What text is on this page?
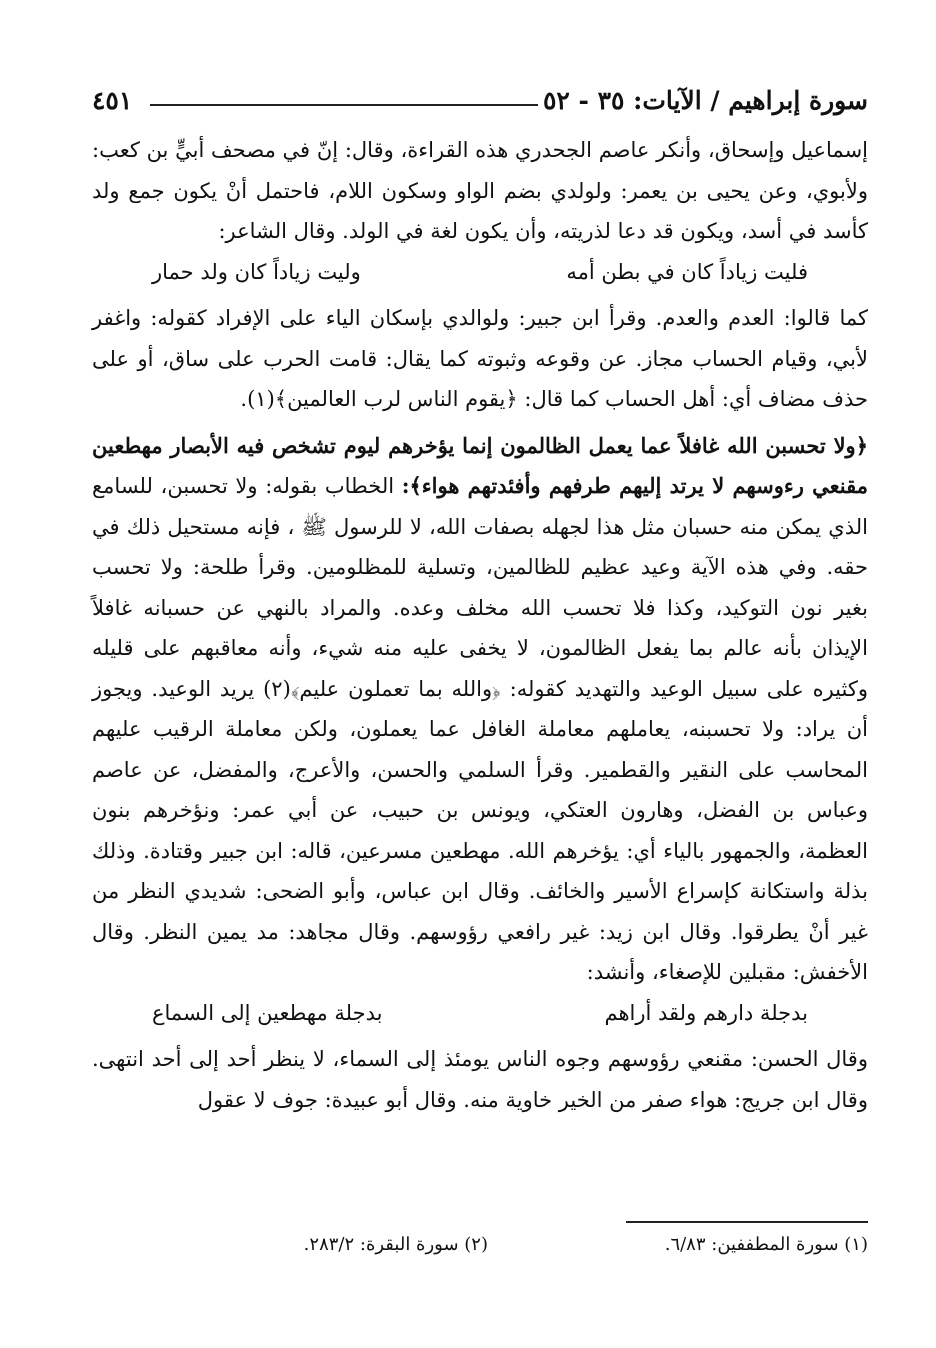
سورة إبراهيم / الآيات: ٣٥ - ٥٢
٤٥١

إسماعيل وإسحاق، وأنكر عاصم الجحدري هذه القراءة، وقال: إنّ في مصحف أبيٍّ بن كعب: ولأبوي، وعن يحيى بن يعمر: ولولدي بضم الواو وسكون اللام، فاحتمل أنْ يكون جمع ولد كأسد في أسد، ويكون قد دعا لذريته، وأن يكون لغة في الولد. وقال الشاعر:

فليت زياداً كان في بطن أمه
وليت زياداً كان ولد حمار

كما قالوا: العدم والعدم. وقرأ ابن جبير: ولوالدي بإسكان الياء على الإفراد كقوله: واغفر لأبي، وقيام الحساب مجاز. عن وقوعه وثبوته كما يقال: قامت الحرب على ساق، أو على حذف مضاف أي: أهل الحساب كما قال: ﴿يقوم الناس لرب العالمين﴾(١).

﴿ولا تحسبن الله غافلاً عما يعمل الظالمون إنما يؤخرهم ليوم تشخص فيه الأبصار مهطعين مقنعي رءوسهم لا يرتد إليهم طرفهم وأفئدتهم هواء﴾: الخطاب بقوله: ولا تحسبن، للسامع الذي يمكن منه حسبان مثل هذا لجهله بصفات الله، لا للرسول ﷺ ، فإنه مستحيل ذلك في حقه. وفي هذه الآية وعيد عظيم للظالمين، وتسلية للمظلومين. وقرأ طلحة: ولا تحسب بغير نون التوكيد، وكذا فلا تحسب الله مخلف وعده. والمراد بالنهي عن حسبانه غافلاً الإيذان بأنه عالم بما يفعل الظالمون، لا يخفى عليه منه شيء، وأنه معاقبهم على قليله وكثيره على سبيل الوعيد والتهديد كقوله: ﴿والله بما تعملون عليم﴾(٢) يريد الوعيد. ويجوز أن يراد: ولا تحسبنه، يعاملهم معاملة الغافل عما يعملون، ولكن معاملة الرقيب عليهم المحاسب على النقير والقطمير. وقرأ السلمي والحسن، والأعرج، والمفضل، عن عاصم وعباس بن الفضل، وهارون العتكي، ويونس بن حبيب، عن أبي عمر: ونؤخرهم بنون العظمة، والجمهور بالياء أي: يؤخرهم الله. مهطعين مسرعين، قاله: ابن جبير وقتادة. وذلك بذلة واستكانة كإسراع الأسير والخائف. وقال ابن عباس، وأبو الضحى: شديدي النظر من غير أنْ يطرقوا. وقال ابن زيد: غير رافعي رؤوسهم. وقال مجاهد: مد يمين النظر. وقال الأخفش: مقبلين للإصغاء، وأنشد:

بدجلة دارهم ولقد أراهم
بدجلة مهطعين إلى السماع

وقال الحسن: مقنعي رؤوسهم وجوه الناس يومئذ إلى السماء، لا ينظر أحد إلى أحد انتهى. وقال ابن جريج: هواء صفر من الخير خاوية منه. وقال أبو عبيدة: جوف لا عقول

(١) سورة المطففين: ٦/٨٣.
(٢) سورة البقرة: ٢٨٣/٢.
